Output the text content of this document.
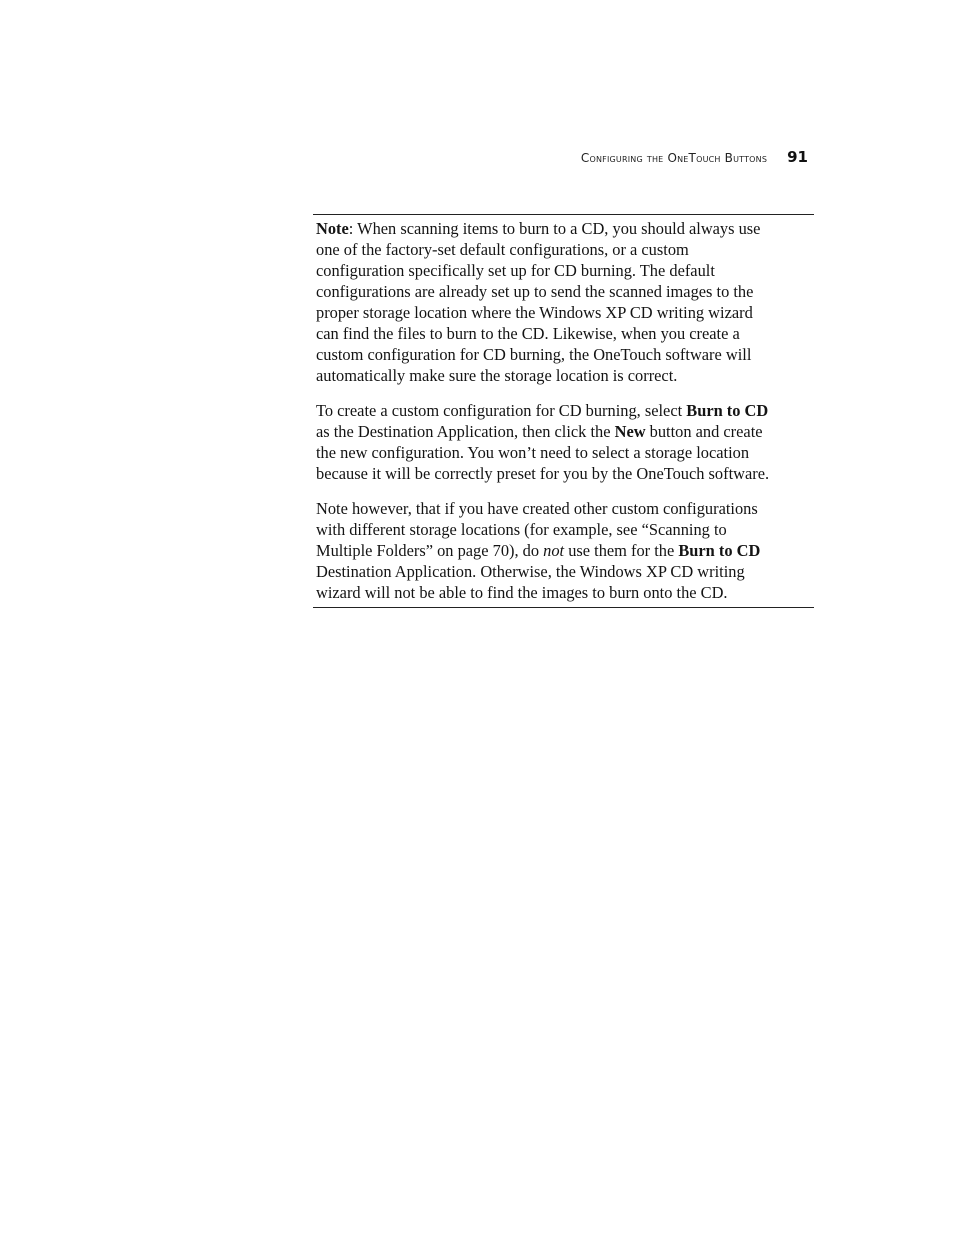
Configuring the OneTouch Buttons 91

Note: When scanning items to burn to a CD, you should always use
one of the factory-set default configurations, or a custom
configuration specifically set up for CD burning. The default
configurations are already set up to send the scanned images to the
proper storage location where the Windows XP CD writing wizard
can find the files to burn to the CD. Likewise, when you create a
custom configuration for CD burning, the OneTouch software will
automatically make sure the storage location is correct.

To create a custom configuration for CD burning, select Burn to CD
as the Destination Application, then click the New button and create
the new configuration. You won’t need to select a storage location
because it will be correctly preset for you by the OneTouch software.

Note however, that if you have created other custom configurations
with different storage locations (for example, see “Scanning to
Multiple Folders” on page 70), do not use them for the Burn to CD
Destination Application. Otherwise, the Windows XP CD writing
wizard will not be able to find the images to burn onto the CD.
